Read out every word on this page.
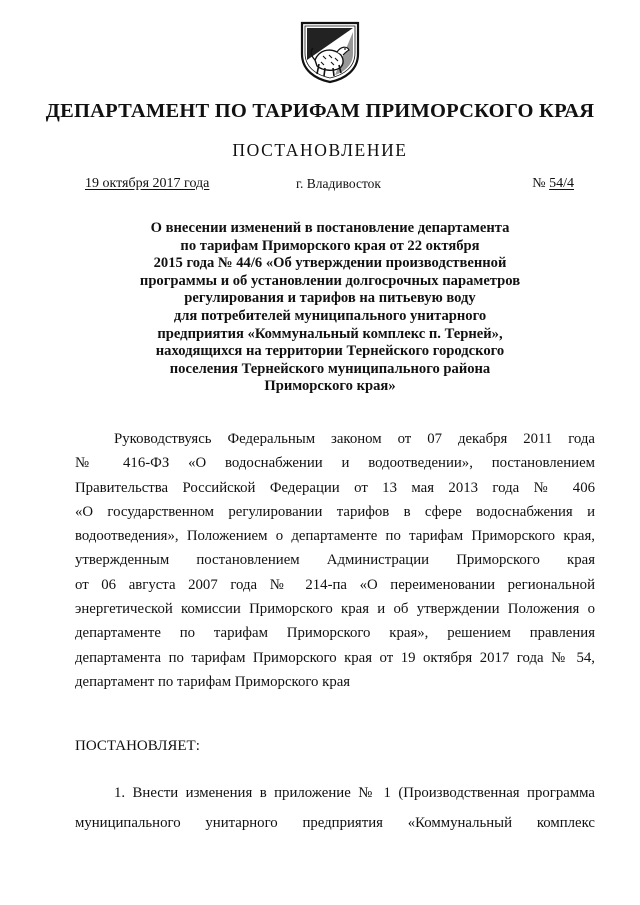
ДЕПАРТАМЕНТ ПО ТАРИФАМ ПРИМОРСКОГО КРАЯ
ПОСТАНОВЛЕНИЕ
19 октября 2017 года	г. Владивосток	№ 54/4
О внесении изменений в постановление департамента
по тарифам Приморского края от 22 октября
2015 года № 44/6 «Об утверждении производственной
программы и об установлении долгосрочных параметров
регулирования и тарифов на питьевую воду
для потребителей муниципального унитарного
предприятия «Коммунальный комплекс п. Терней»,
находящихся на территории Тернейского городского
поселения Тернейского муниципального района
Приморского края»
Руководствуясь Федеральным законом от 07 декабря 2011 года
№ 416-ФЗ «О водоснабжении и водоотведении», постановлением
Правительства Российской Федерации от 13 мая 2013 года № 406
«О государственном регулировании тарифов в сфере водоснабжения и
водоотведения», Положением о департаменте по тарифам Приморского края,
утвержденным постановлением Администрации Приморского края
от 06 августа 2007 года № 214-па «О переименовании региональной
энергетической комиссии Приморского края и об утверждении Положения о
департаменте по тарифам Приморского края», решением правления
департамента по тарифам Приморского края от 19 октября 2017 года № 54,
департамент по тарифам Приморского края
ПОСТАНОВЛЯЕТ:
1. Внести изменения в приложение № 1 (Производственная программа
муниципального унитарного предприятия «Коммунальный комплекс
